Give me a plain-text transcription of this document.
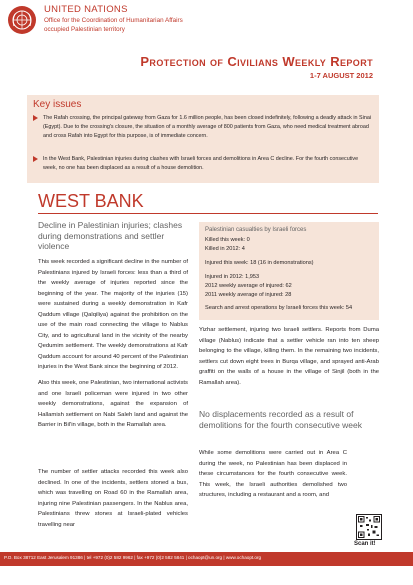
UNITED NATIONS
Office for the Coordination of Humanitarian Affairs
occupied Palestinian territory
Protection of Civilians Weekly Report
1-7 AUGUST 2012
Key issues
The Rafah crossing, the principal gateway from Gaza for 1.6 million people, has been closed indefinitely, following a deadly attack in Sinai (Egypt). Due to the crossing's closure, the situation of a monthly average of 800 patients from Gaza, who need medical treatment abroad and cross Rafah into Egypt for this purpose, is of immediate concern.
In the West Bank, Palestinian injuries during clashes with Israeli forces and demolitions in Area C decline. For the fourth consecutive week, no one has been displaced as a result of a house demolition.
WEST BANK
Decline in Palestinian injuries; clashes during demonstrations and settler violence
This week recorded a significant decline in the number of Palestinians injured by Israeli forces: less than a third of the weekly average of injuries reported since the beginning of the year. The majority of the injuries (15) were sustained during a weekly demonstration in Kafr Qaddum village (Qalqiliya) against the prohibition on the use of the main road connecting the village to Nablus City, and to agricultural land in the vicinity of the nearby Qedumim settlement. The weekly demonstrations at Kafr Qaddum account for around 40 percent of the Palestinian injuries in the West Bank since the beginning of 2012.
Also this week, one Palestinian, two international activists and one Israeli policeman were injured in two other weekly demonstrations, against the expansion of Hallamish settlement on Nabi Saleh land and against the Barrier in Bil'in village, both in the Ramallah area.
The number of settler attacks recorded this week also declined. In one of the incidents, settlers stoned a bus, which was travelling on Road 60 in the Ramallah area, injuring nine Palestinian passengers. In the Nablus area, Palestinians threw stones at Israeli-plated vehicles travelling near
Palestinian casualties by Israeli forces
Killed this week: 0
Killed in 2012: 4
Injured this week: 18 (16 in demonstrations)
Injured in 2012: 1,953
2012 weekly average of injured: 62
2011 weekly average of injured: 28
Search and arrest operations by Israeli forces this week: 54
Yizhar settlement, injuring two Israeli settlers. Reports from Duma village (Nablus) indicate that a settler vehicle ran into ten sheep belonging to the village, killing them. In the remaining two incidents, settlers cut down eight trees in Burqa village, and sprayed anti-Arab graffiti on the walls of a house in the village of Sinjil (both in the Ramallah area).
No displacements recorded as a result of demolitions for the fourth consecutive week
While some demolitions were carried out in Area C during the week, no Palestinian has been displaced in these circumstances for the fourth consecutive week. This week, the Israeli authorities demolished two structures, including a restaurant and a room, and
Scan it!
P.O. Box 38712 East Jerusalem 91386 | tel +972 (0)2 582 9962 | fax +972 (0)2 582 5841 | ochaopt@un.org | www.ochaopt.org
